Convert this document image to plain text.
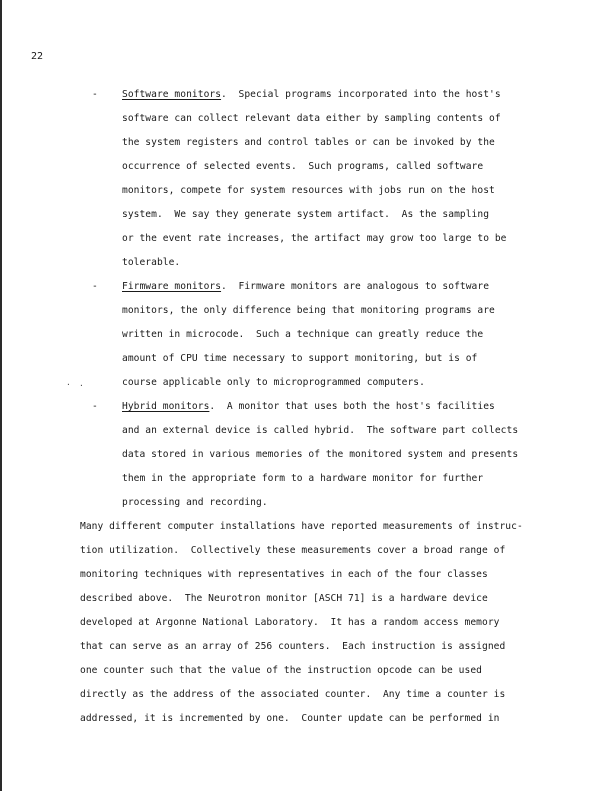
22
-	Software monitors.  Special programs incorporated into the host's
software can collect relevant data either by sampling contents of
the system registers and control tables or can be invoked by the
occurrence of selected events.  Such programs, called software
monitors, compete for system resources with jobs run on the host
system.  We say they generate system artifact.  As the sampling
or the event rate increases, the artifact may grow too large to be
tolerable.
-	Firmware monitors.  Firmware monitors are analogous to software
monitors, the only difference being that monitoring programs are
written in microcode.  Such a technique can greatly reduce the
amount of CPU time necessary to support monitoring, but is of
course applicable only to microprogrammed computers.
· ·
-	Hybrid monitors.  A monitor that uses both the host's facilities
and an external device is called hybrid.  The software part collects
data stored in various memories of the monitored system and presents
them in the appropriate form to a hardware monitor for further
processing and recording.
Many different computer installations have reported measurements of instruc-
tion utilization.  Collectively these measurements cover a broad range of
monitoring techniques with representatives in each of the four classes
described above.  The Neurotron monitor [ASCH 71] is a hardware device
developed at Argonne National Laboratory.  It has a random access memory
that can serve as an array of 256 counters.  Each instruction is assigned
one counter such that the value of the instruction opcode can be used
directly as the address of the associated counter.  Any time a counter is
addressed, it is incremented by one.  Counter update can be performed in
